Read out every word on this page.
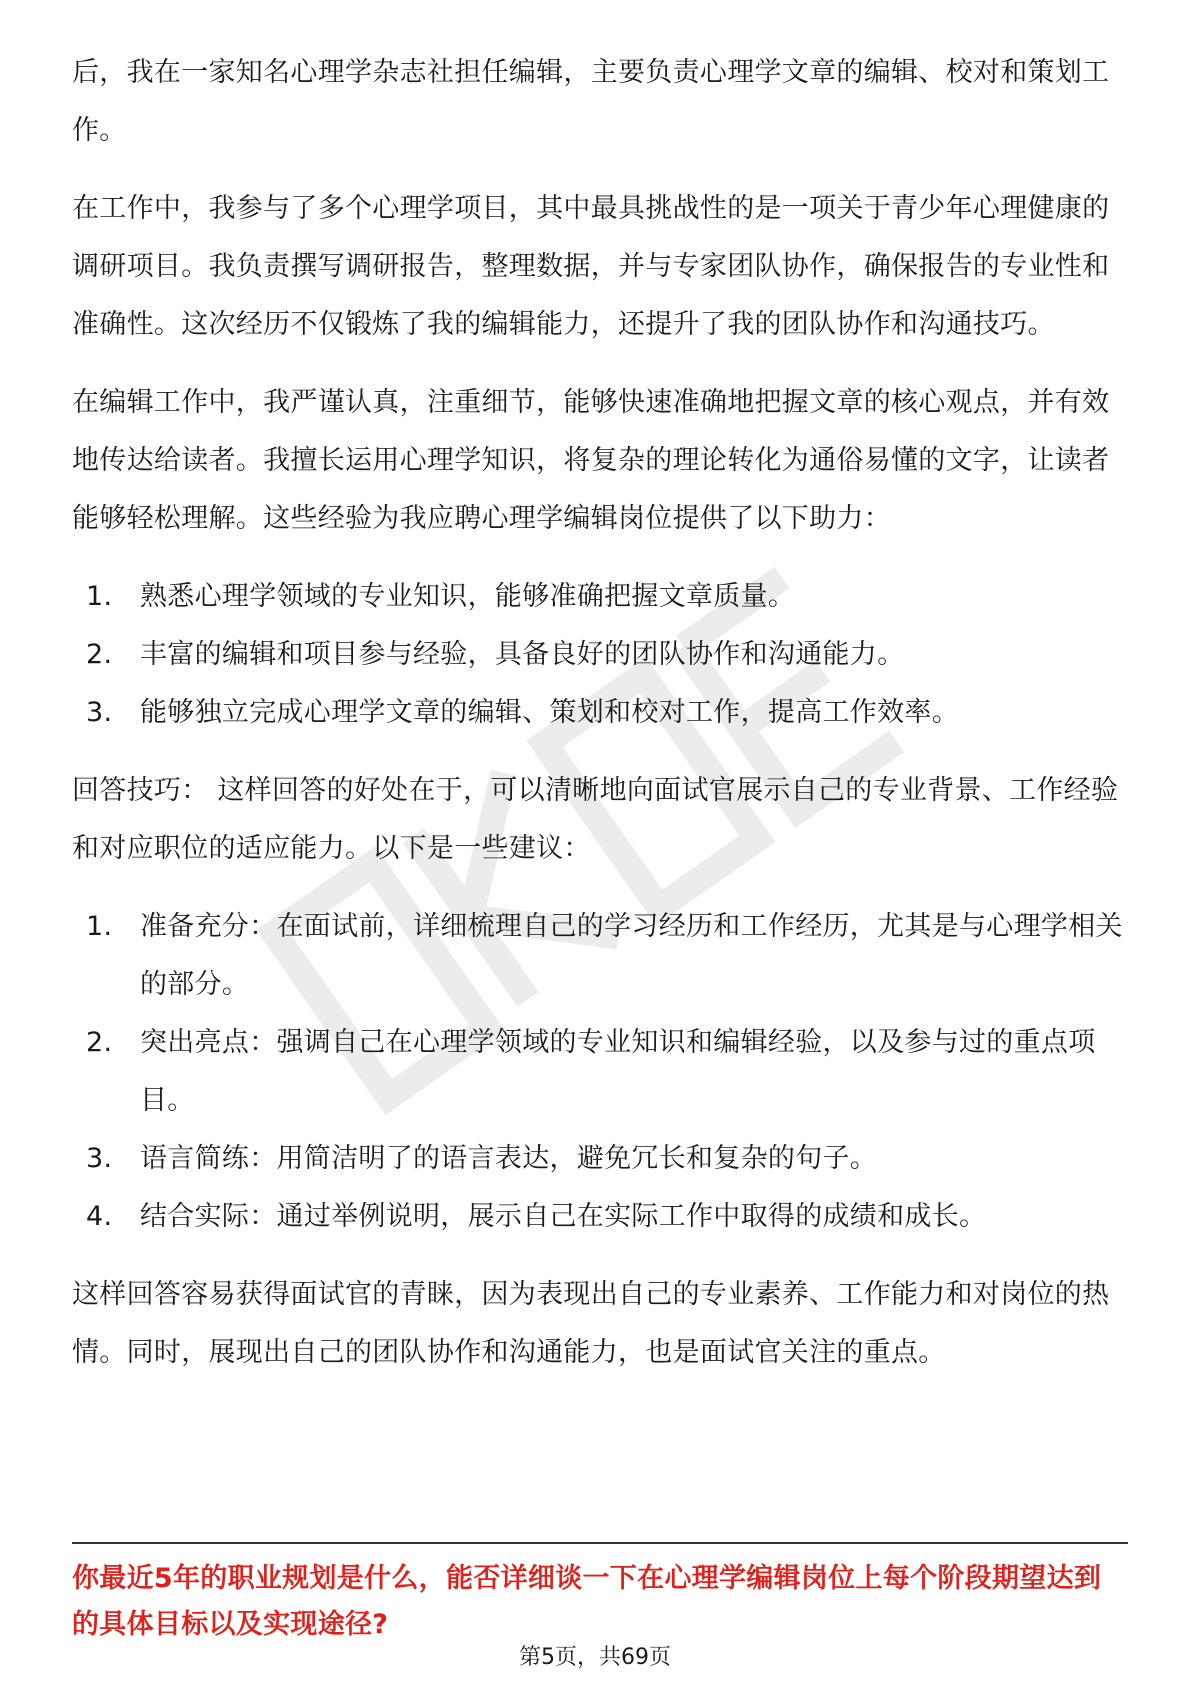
后，我在一家知名心理学杂志社担任编辑，主要负责心理学文章的编辑、校对和策划工作。

在工作中，我参与了多个心理学项目，其中最具挑战性的是一项关于青少年心理健康的调研项目。我负责撰写调研报告，整理数据，并与专家团队协作，确保报告的专业性和准确性。这次经历不仅锻炼了我的编辑能力，还提升了我的团队协作和沟通技巧。

在编辑工作中，我严谨认真，注重细节，能够快速准确地把握文章的核心观点，并有效地传达给读者。我擅长运用心理学知识，将复杂的理论转化为通俗易懂的文字，让读者能够轻松理解。这些经验为我应聘心理学编辑岗位提供了以下助力：

1.	熟悉心理学领域的专业知识，能够准确把握文章质量。
2.	丰富的编辑和项目参与经验，具备良好的团队协作和沟通能力。
3.	能够独立完成心理学文章的编辑、策划和校对工作，提高工作效率。

回答技巧： 这样回答的好处在于，可以清晰地向面试官展示自己的专业背景、工作经验和对应职位的适应能力。以下是一些建议：

1.	准备充分：在面试前，详细梳理自己的学习经历和工作经历，尤其是与心理学相关的部分。
2.	突出亮点：强调自己在心理学领域的专业知识和编辑经验，以及参与过的重点项目。
3.	语言简练：用简洁明了的语言表达，避免冗长和复杂的句子。
4.	结合实际：通过举例说明，展示自己在实际工作中取得的成绩和成长。

这样回答容易获得面试官的青睐，因为表现出自己的专业素养、工作能力和对岗位的热情。同时，展现出自己的团队协作和沟通能力，也是面试官关注的重点。

你最近5年的职业规划是什么，能否详细谈一下在心理学编辑岗位上每个阶段期望达到的具体目标以及实现途径?
第5页，共69页
